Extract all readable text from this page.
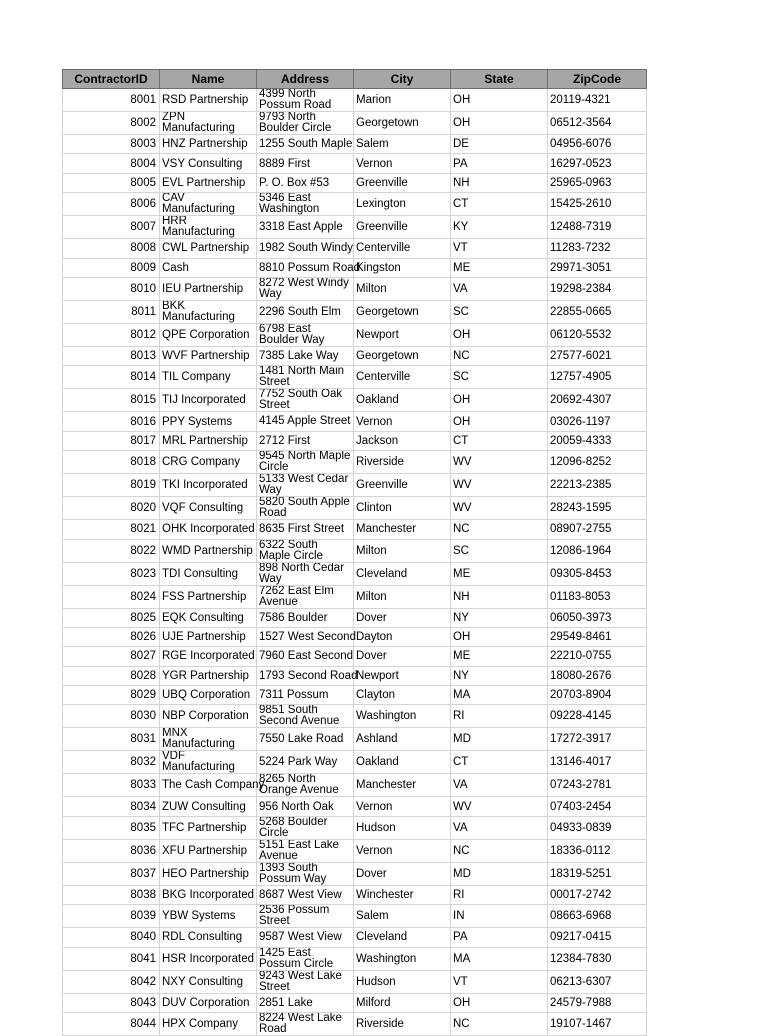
ContractorID	Name	Address	City	State	ZipCode
8001	RSD Partnership	4399 North Possum Road	Marion	OH	20119-4321
8002	ZPN Manufacturing	9793 North Boulder Circle	Georgetown	OH	06512-3564
8003	HNZ Partnership	1255 South Maple	Salem	DE	04956-6076
8004	VSY Consulting	8889 First	Vernon	PA	16297-0523
8005	EVL Partnership	P. O. Box #53	Greenville	NH	25965-0963
8006	CAV Manufacturing	5346 East Washington	Lexington	CT	15425-2610
8007	HRR Manufacturing	3318 East Apple	Greenville	KY	12488-7319
8008	CWL Partnership	1982 South Windy	Centerville	VT	11283-7232
8009	Cash	8810 Possum Road	Kingston	ME	29971-3051
8010	IEU Partnership	8272 West Windy Way	Milton	VA	19298-2384
8011	BKK Manufacturing	2296 South Elm	Georgetown	SC	22855-0665
8012	QPE Corporation	6798 East Boulder Way	Newport	OH	06120-5532
8013	WVF Partnership	7385 Lake Way	Georgetown	NC	27577-6021
8014	TIL Company	1481 North Main Street	Centerville	SC	12757-4905
8015	TIJ Incorporated	7752 South Oak Street	Oakland	OH	20692-4307
8016	PPY Systems	4145 Apple Street	Vernon	OH	03026-1197
8017	MRL Partnership	2712 First	Jackson	CT	20059-4333
8018	CRG Company	9545 North Maple Circle	Riverside	WV	12096-8252
8019	TKI Incorporated	5133 West Cedar Way	Greenville	WV	22213-2385
8020	VQF Consulting	5820 South Apple Road	Clinton	WV	28243-1595
8021	OHK Incorporated	8635 First Street	Manchester	NC	08907-2755
8022	WMD Partnership	6322 South Maple Circle	Milton	SC	12086-1964
8023	TDI Consulting	898 North Cedar Way	Cleveland	ME	09305-8453
8024	FSS Partnership	7262 East Elm Avenue	Milton	NH	01183-8053
8025	EQK Consulting	7586 Boulder	Dover	NY	06050-3973
8026	UJE Partnership	1527 West Second	Dayton	OH	29549-8461
8027	RGE Incorporated	7960 East Second	Dover	ME	22210-0755
8028	YGR Partnership	1793 Second Road	Newport	NY	18080-2676
8029	UBQ Corporation	7311 Possum	Clayton	MA	20703-8904
8030	NBP Corporation	9851 South Second Avenue	Washington	RI	09228-4145
8031	MNX Manufacturing	7550 Lake Road	Ashland	MD	17272-3917
8032	VDF Manufacturing	5224 Park Way	Oakland	CT	13146-4017
8033	The Cash Company	8265 North Orange Avenue	Manchester	VA	07243-2781
8034	ZUW Consulting	956 North Oak	Vernon	WV	07403-2454
8035	TFC Partnership	5268 Boulder Circle	Hudson	VA	04933-0839
8036	XFU Partnership	5151 East Lake Avenue	Vernon	NC	18336-0112
8037	HEO Partnership	1393 South Possum Way	Dover	MD	18319-5251
8038	BKG Incorporated	8687 West View	Winchester	RI	00017-2742
8039	YBW Systems	2536 Possum Street	Salem	IN	08663-6968
8040	RDL Consulting	9587 West View	Cleveland	PA	09217-0415
8041	HSR Incorporated	1425 East Possum Circle	Washington	MA	12384-7830
8042	NXY Consulting	9243 West Lake Street	Hudson	VT	06213-6307
8043	DUV Corporation	2851 Lake	Milford	OH	24579-7988
8044	HPX Company	8224 West Lake Road	Riverside	NC	19107-1467
